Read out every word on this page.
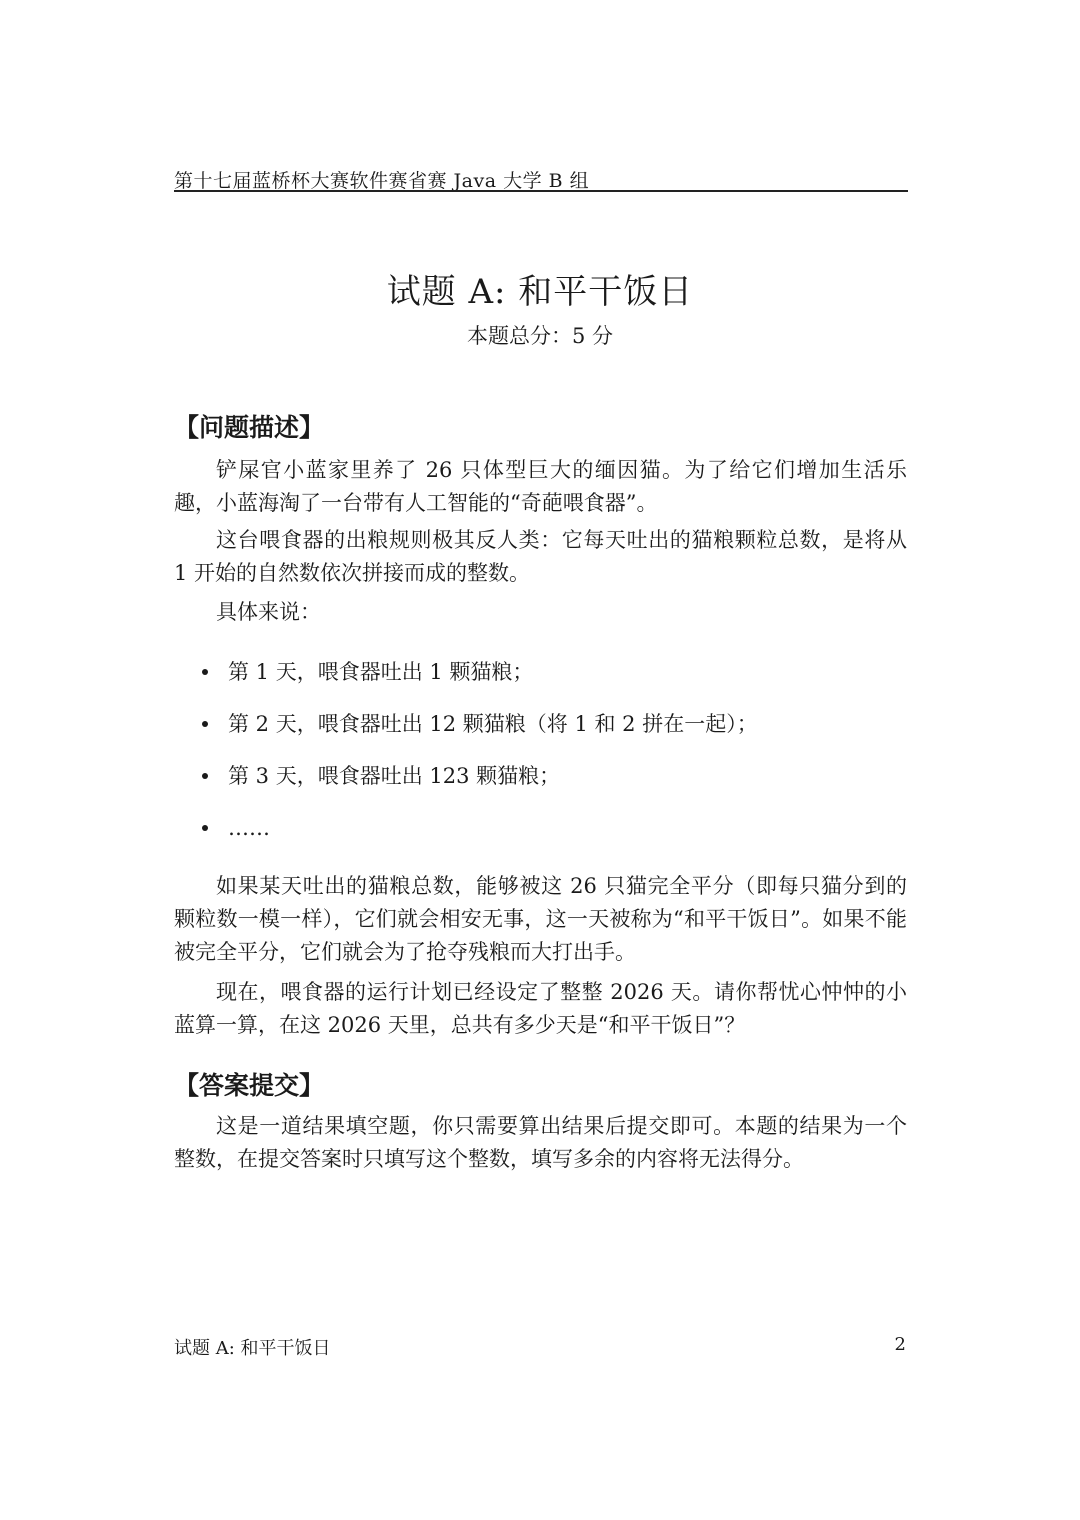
第十七届蓝桥杯大赛软件赛省赛 Java 大学 B 组
试题 A: 和平干饭日
本题总分：5 分
【问题描述】

铲屎官小蓝家里养了 26 只体型巨大的缅因猫。为了给它们增加生活乐趣，小蓝海淘了一台带有人工智能的“奇葩喂食器”。

这台喂食器的出粮规则极其反人类：它每天吐出的猫粮颗粒总数，是将从 1 开始的自然数依次拼接而成的整数。

具体来说：

第 1 天，喂食器吐出 1 颗猫粮；
第 2 天，喂食器吐出 12 颗猫粮（将 1 和 2 拼在一起）；
第 3 天，喂食器吐出 123 颗猫粮；
……

如果某天吐出的猫粮总数，能够被这 26 只猫完全平分（即每只猫分到的颗粒数一模一样），它们就会相安无事，这一天被称为“和平干饭日”。如果不能被完全平分，它们就会为了抢夺残粮而大打出手。

现在，喂食器的运行计划已经设定了整整 2026 天。请你帮忧心忡忡的小蓝算一算，在这 2026 天里，总共有多少天是“和平干饭日”？

【答案提交】

这是一道结果填空题，你只需要算出结果后提交即可。本题的结果为一个整数，在提交答案时只填写这个整数，填写多余的内容将无法得分。

试题 A: 和平干饭日	2
